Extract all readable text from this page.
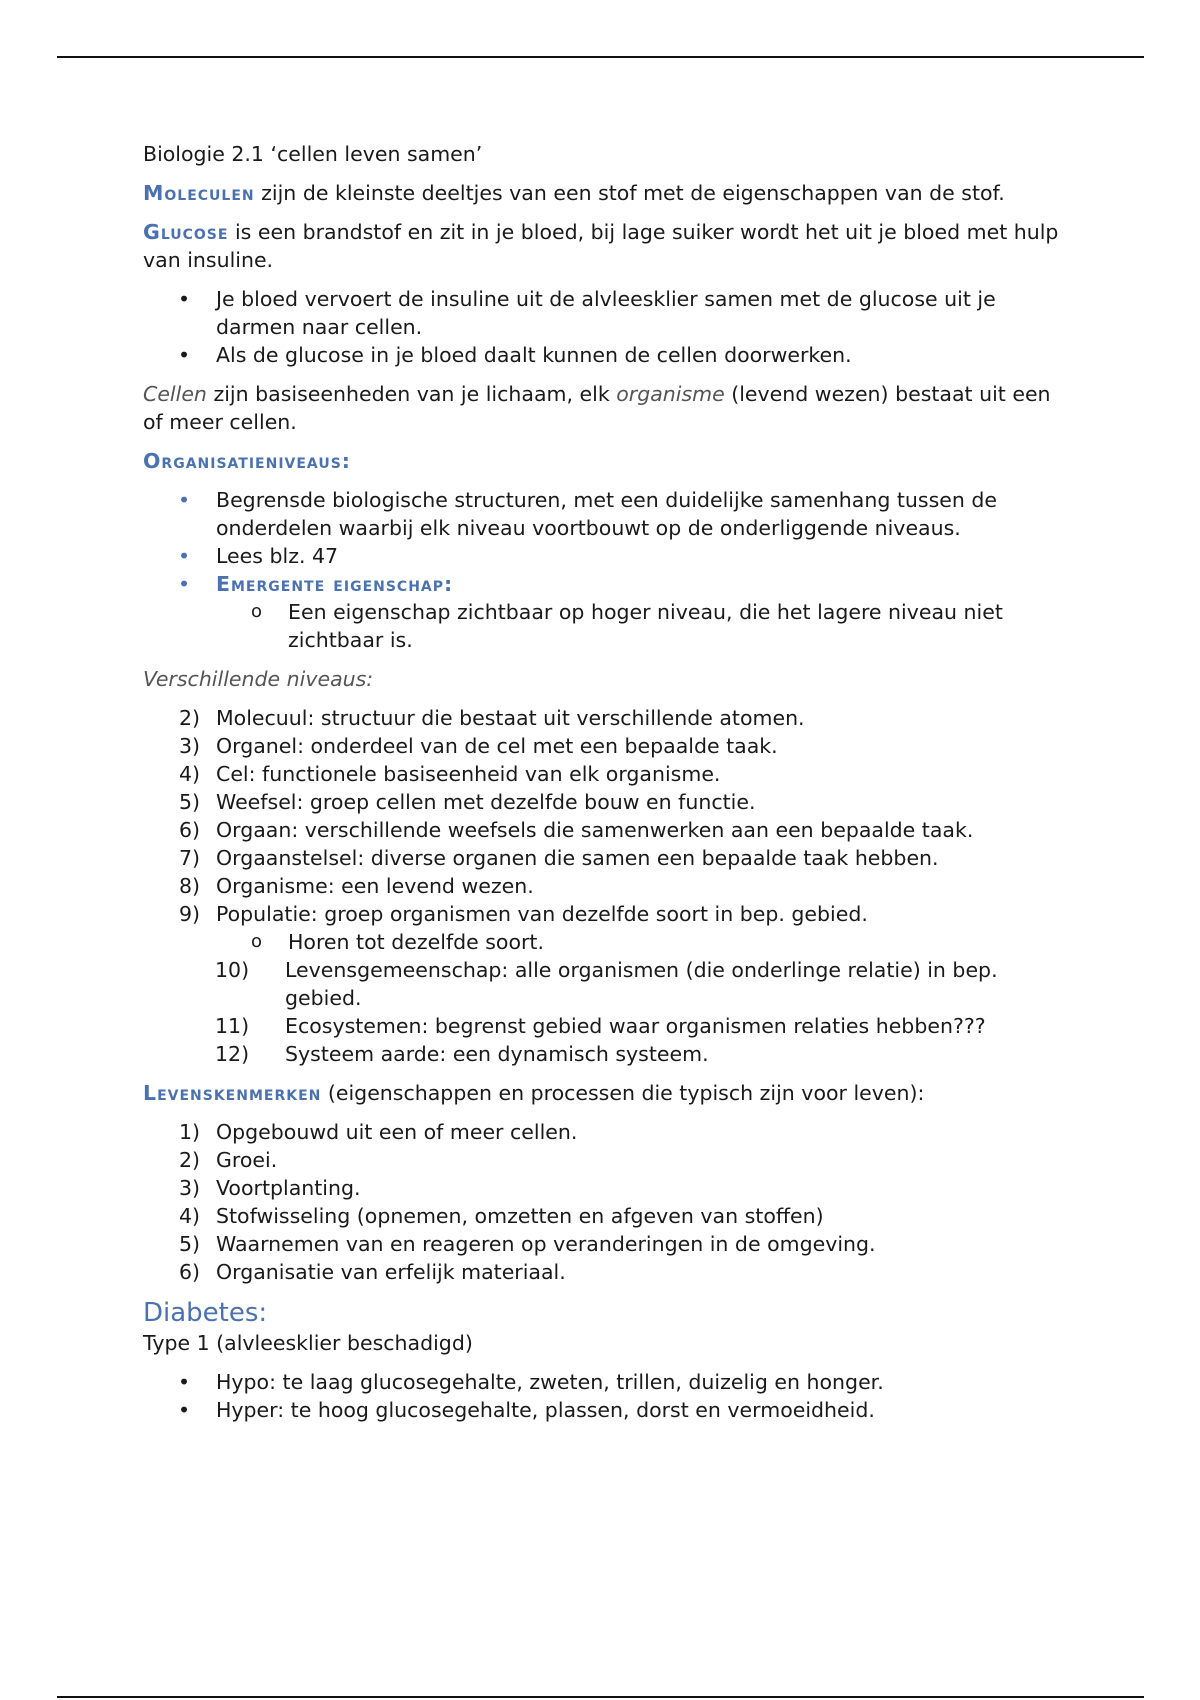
Biologie 2.1 ‘cellen leven samen’

Moleculen zijn de kleinste deeltjes van een stof met de eigenschappen van de stof.

Glucose is een brandstof en zit in je bloed, bij lage suiker wordt het uit je bloed met hulp van insuline.

• Je bloed vervoert de insuline uit de alvleesklier samen met de glucose uit je darmen naar cellen.
• Als de glucose in je bloed daalt kunnen de cellen doorwerken.

Cellen zijn basiseenheden van je lichaam, elk organisme (levend wezen) bestaat uit een of meer cellen.

Organisatieniveaus:

• Begrensde biologische structuren, met een duidelijke samenhang tussen de onderdelen waarbij elk niveau voortbouwt op de onderliggende niveaus.
• Lees blz. 47
• Emergente eigenschap:
o Een eigenschap zichtbaar op hoger niveau, die het lagere niveau niet zichtbaar is.

Verschillende niveaus:

2) Molecuul: structuur die bestaat uit verschillende atomen.
3) Organel: onderdeel van de cel met een bepaalde taak.
4) Cel: functionele basiseenheid van elk organisme.
5) Weefsel: groep cellen met dezelfde bouw en functie.
6) Orgaan: verschillende weefsels die samenwerken aan een bepaalde taak.
7) Orgaanstelsel: diverse organen die samen een bepaalde taak hebben.
8) Organisme: een levend wezen.
9) Populatie: groep organismen van dezelfde soort in bep. gebied.
o Horen tot dezelfde soort.
10) Levensgemeenschap: alle organismen (die onderlinge relatie) in bep. gebied.
11) Ecosystemen: begrenst gebied waar organismen relaties hebben???
12) Systeem aarde: een dynamisch systeem.

Levenskenmerken (eigenschappen en processen die typisch zijn voor leven):

1) Opgebouwd uit een of meer cellen.
2) Groei.
3) Voortplanting.
4) Stofwisseling (opnemen, omzetten en afgeven van stoffen)
5) Waarnemen van en reageren op veranderingen in de omgeving.
6) Organisatie van erfelijk materiaal.

Diabetes:

Type 1 (alvleesklier beschadigd)

• Hypo: te laag glucosegehalte, zweten, trillen, duizelig en honger.
• Hyper: te hoog glucosegehalte, plassen, dorst en vermoeidheid.
